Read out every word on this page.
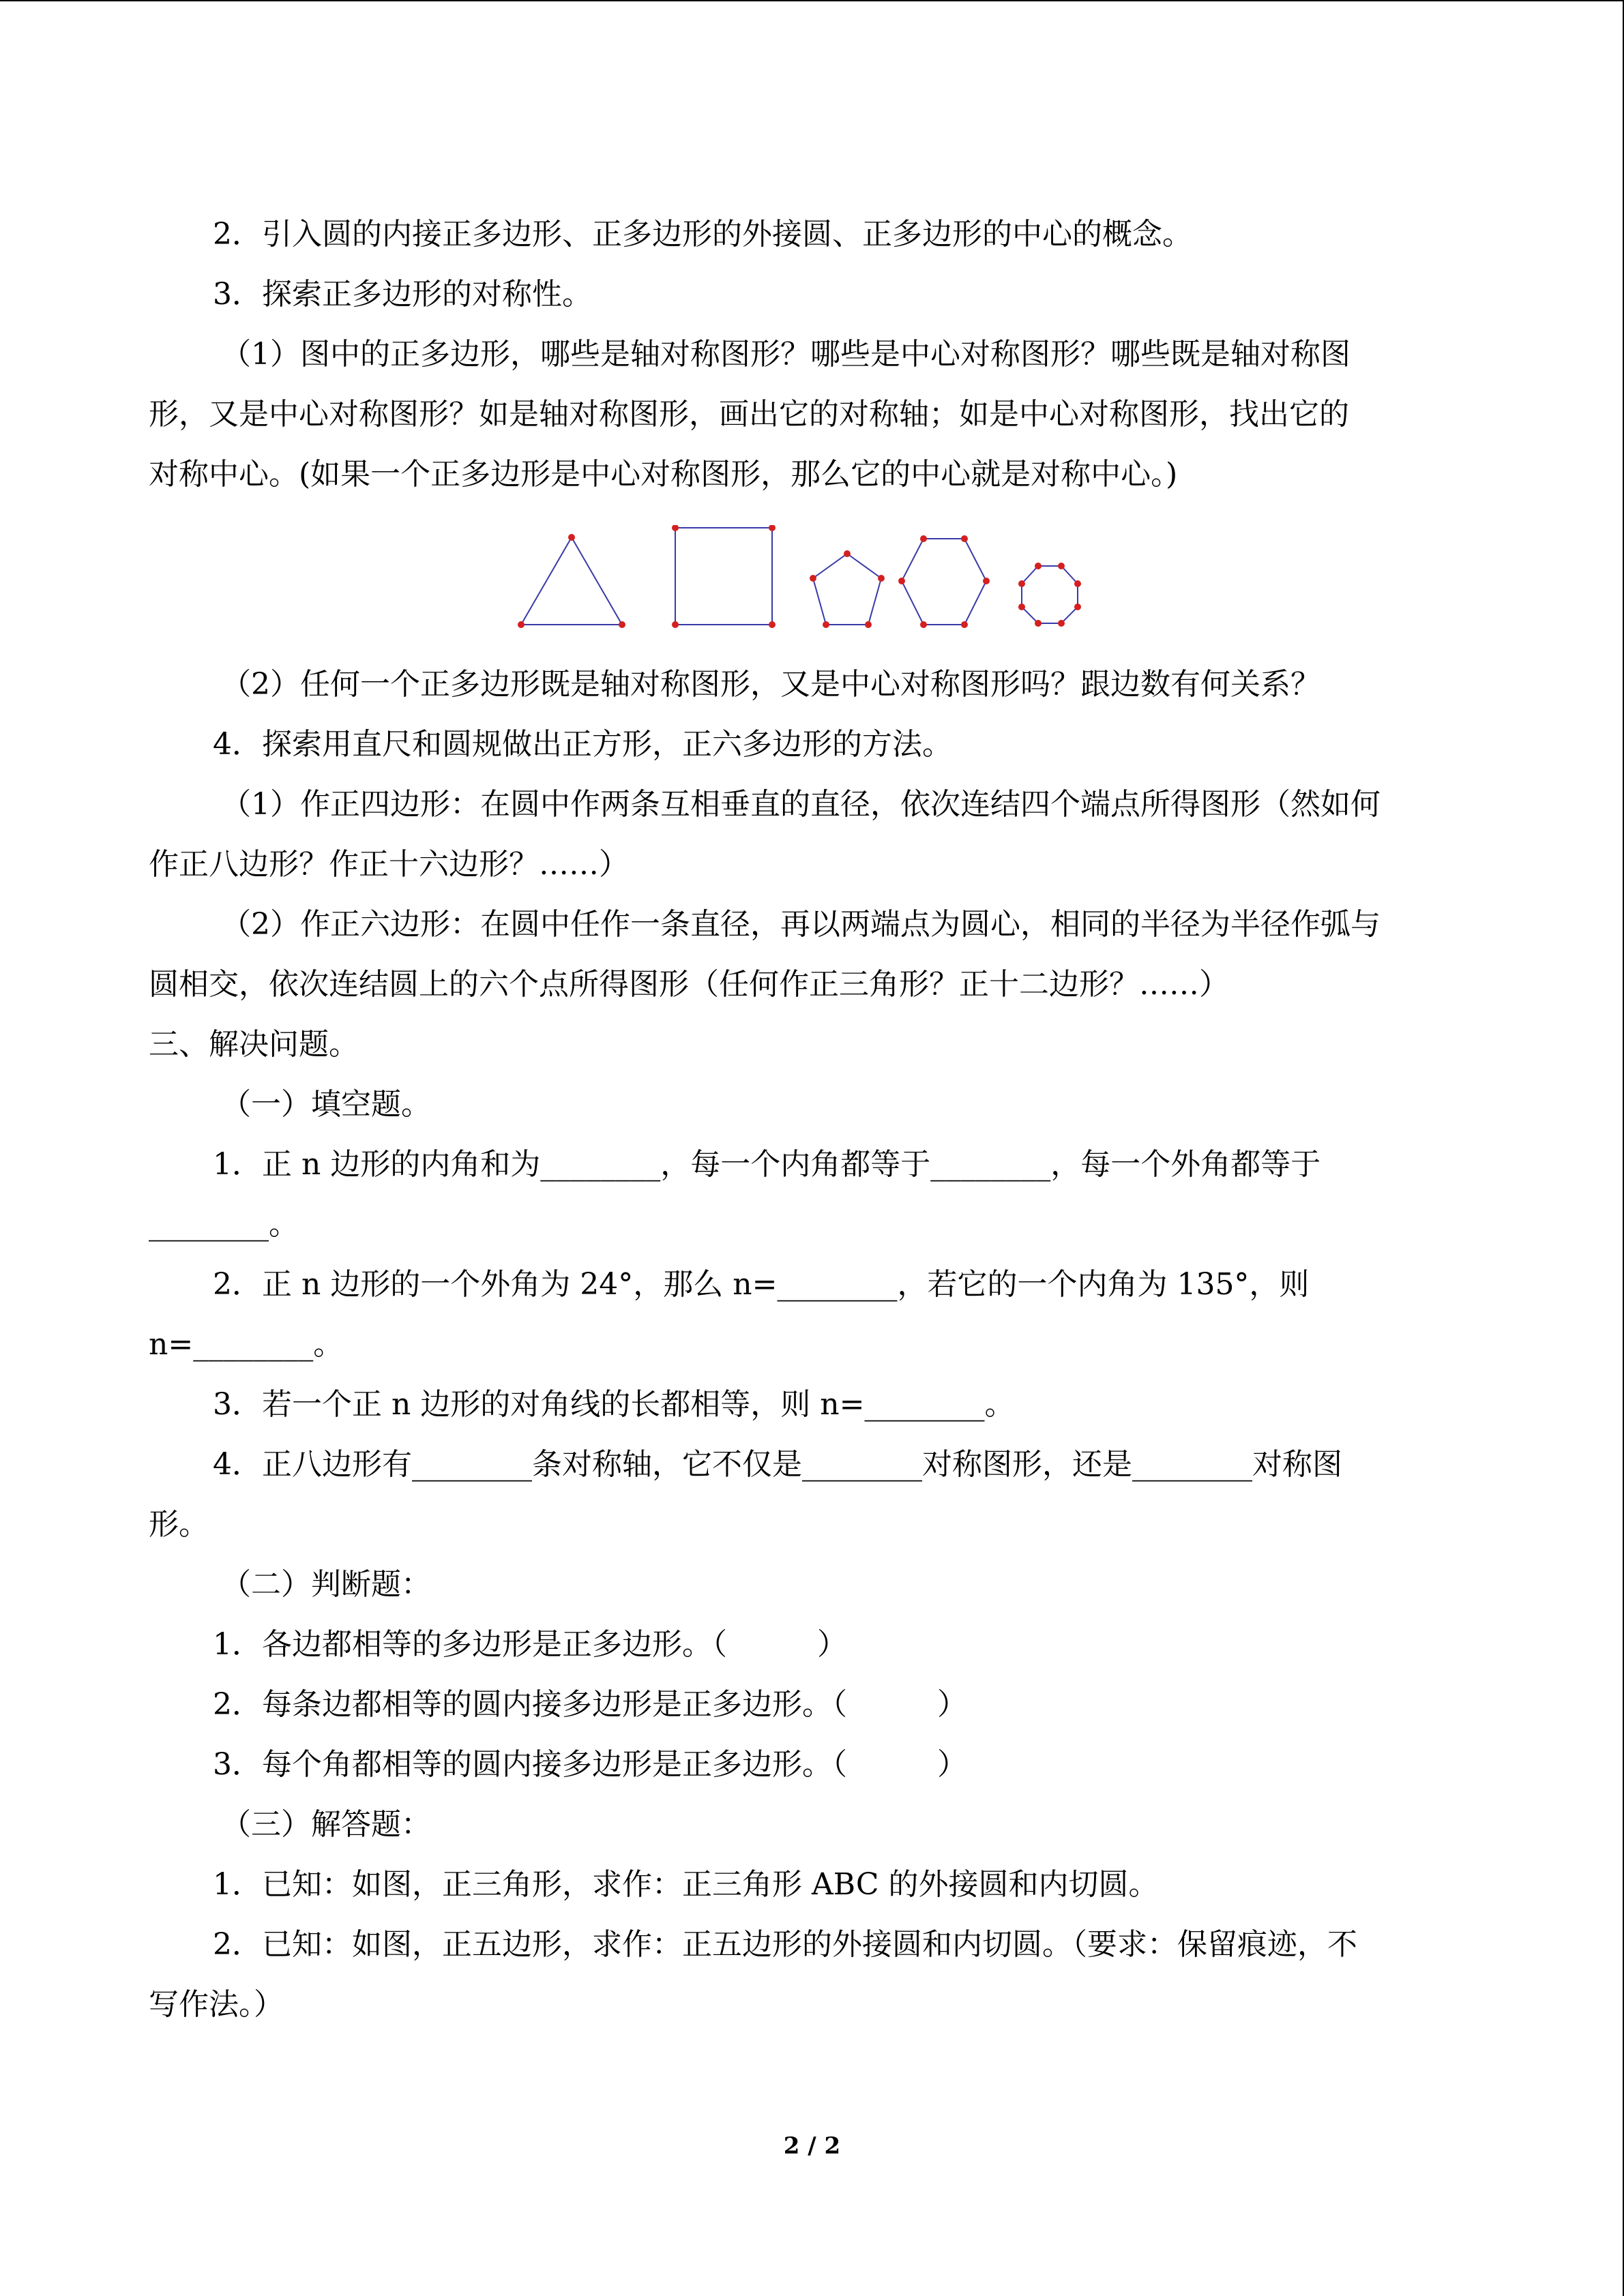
2．引入圆的内接正多边形、正多边形的外接圆、正多边形的中心的概念。
3．探索正多边形的对称性。
（1）图中的正多边形，哪些是轴对称图形？哪些是中心对称图形？哪些既是轴对称图
形，又是中心对称图形？如是轴对称图形，画出它的对称轴；如是中心对称图形，找出它的
对称中心。(如果一个正多边形是中心对称图形，那么它的中心就是对称中心。)
（2）任何一个正多边形既是轴对称图形，又是中心对称图形吗？跟边数有何关系？
4．探索用直尺和圆规做出正方形，正六多边形的方法。
（1）作正四边形：在圆中作两条互相垂直的直径，依次连结四个端点所得图形（然如何
作正八边形？作正十六边形？……）
（2）作正六边形：在圆中任作一条直径，再以两端点为圆心，相同的半径为半径作弧与
圆相交，依次连结圆上的六个点所得图形（任何作正三角形？正十二边形？……）
三、解决问题。
（一）填空题。
1．正 n 边形的内角和为________，每一个内角都等于________，每一个外角都等于
________。
2．正 n 边形的一个外角为 24°，那么 n=________，若它的一个内角为 135°，则
n=________。
3．若一个正 n 边形的对角线的长都相等，则 n=________。
4．正八边形有________条对称轴，它不仅是________对称图形，还是________对称图
形。
（二）判断题：
1．各边都相等的多边形是正多边形。（　　　）
2．每条边都相等的圆内接多边形是正多边形。（　　　）
3．每个角都相等的圆内接多边形是正多边形。（　　　）
（三）解答题：
1．已知：如图，正三角形，求作：正三角形 ABC 的外接圆和内切圆。
2．已知：如图，正五边形，求作：正五边形的外接圆和内切圆。（要求：保留痕迹，不
写作法。）
2 / 2
